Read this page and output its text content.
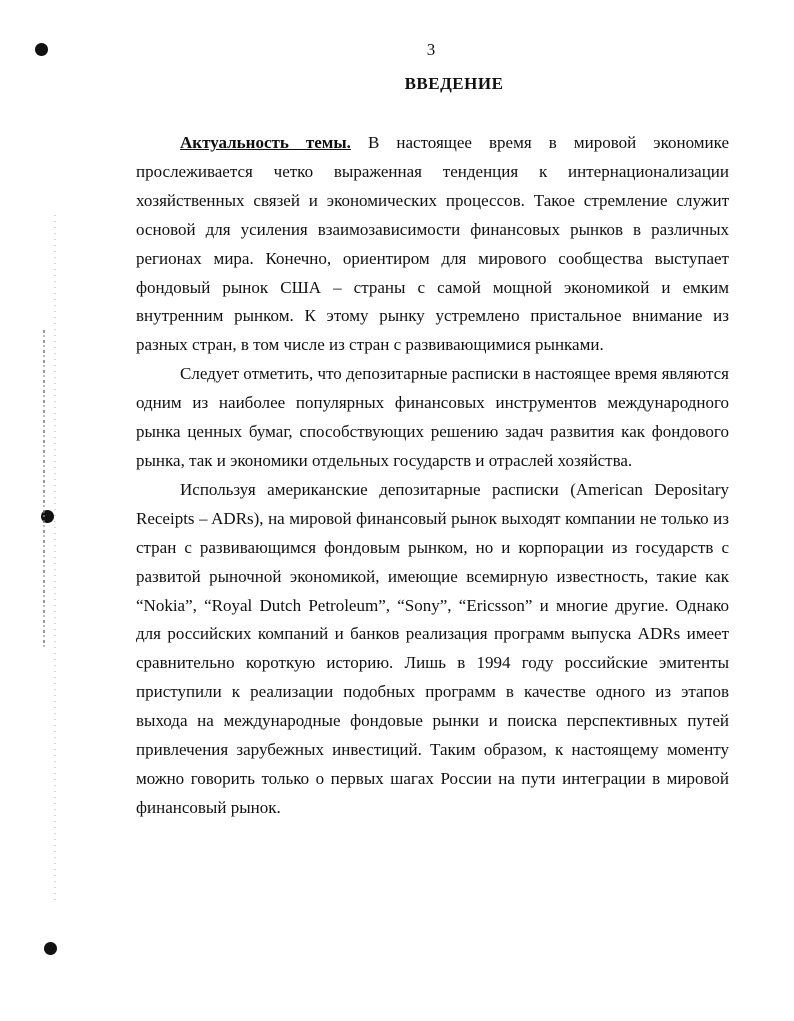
3
ВВЕДЕНИЕ

Актуальность темы. В настоящее время в мировой экономике прослеживается четко выраженная тенденция к интернационализации хозяйственных связей и экономических процессов. Такое стремление служит основой для усиления взаимозависимости финансовых рынков в различных регионах мира. Конечно, ориентиром для мирового сообщества выступает фондовый рынок США – страны с самой мощной экономикой и емким внутренним рынком. К этому рынку устремлено пристальное внимание из разных стран, в том числе из стран с развивающимися рынками.

Следует отметить, что депозитарные расписки в настоящее время являются одним из наиболее популярных финансовых инструментов международного рынка ценных бумаг, способствующих решению задач развития как фондового рынка, так и экономики отдельных государств и отраслей хозяйства.

Используя американские депозитарные расписки (American Depositary Receipts – ADRs), на мировой финансовый рынок выходят компании не только из стран с развивающимся фондовым рынком, но и корпорации из государств с развитой рыночной экономикой, имеющие всемирную известность, такие как “Nokia”, “Royal Dutch Petroleum”, “Sony”, “Ericsson” и многие другие. Однако для российских компаний и банков реализация программ выпуска ADRs имеет сравнительно короткую историю. Лишь в 1994 году российские эмитенты приступили к реализации подобных программ в качестве одного из этапов выхода на международные фондовые рынки и поиска перспективных путей привлечения зарубежных инвестиций. Таким образом, к настоящему моменту можно говорить только о первых шагах России на пути интеграции в мировой финансовый рынок.
